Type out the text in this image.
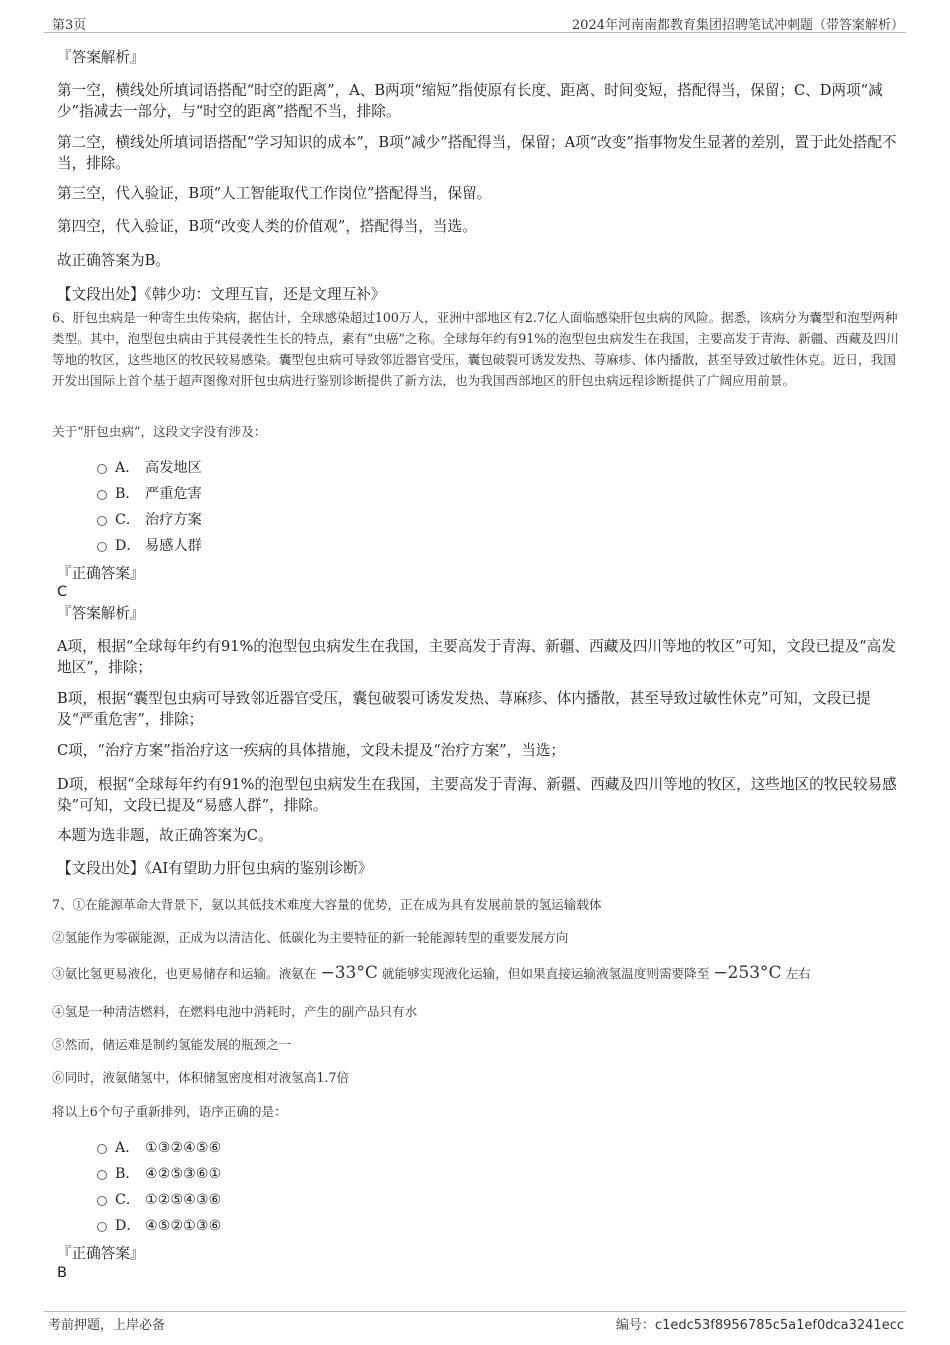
第3页	2024年河南南都教育集团招聘笔试冲刺题（带答案解析）
『答案解析』
第一空，横线处所填词语搭配“时空的距离”，A、B两项“缩短”指使原有长度、距离、时间变短，搭配得当，保留；C、D两项“减少”指减去一部分，与“时空的距离”搭配不当，排除。
第二空，横线处所填词语搭配“学习知识的成本”，B项“减少”搭配得当，保留；A项“改变”指事物发生显著的差别，置于此处搭配不当，排除。
第三空，代入验证，B项“人工智能取代工作岗位”搭配得当，保留。
第四空，代入验证，B项“改变人类的价值观”，搭配得当，当选。
故正确答案为B。
【文段出处】《韩少功：文理互盲，还是文理互补》
6、肝包虫病是一种寄生虫传染病，据估计，全球感染超过100万人，亚洲中部地区有2.7亿人面临感染肝包虫病的风险。据悉，该病分为囊型和泡型两种类型。其中，泡型包虫病由于其侵袭性生长的特点，素有“虫癌”之称。全球每年约有91%的泡型包虫病发生在我国，主要高发于青海、新疆、西藏及四川等地的牧区，这些地区的牧民较易感染。囊型包虫病可导致邻近器官受压，囊包破裂可诱发发热、荨麻疹、体内播散，甚至导致过敏性休克。近日，我国开发出国际上首个基于超声图像对肝包虫病进行鉴别诊断提供了新方法，也为我国西部地区的肝包虫病远程诊断提供了广阔应用前景。
关于“肝包虫病”，这段文字没有涉及：
A． 高发地区
B． 严重危害
C． 治疗方案
D． 易感人群
『正确答案』
C
『答案解析』
A项，根据“全球每年约有91%的泡型包虫病发生在我国，主要高发于青海、新疆、西藏及四川等地的牧区”可知，文段已提及“高发地区”，排除；
B项，根据“囊型包虫病可导致邻近器官受压，囊包破裂可诱发发热、荨麻疹、体内播散，甚至导致过敏性休克”可知，文段已提及“严重危害”，排除；
C项，“治疗方案”指治疗这一疾病的具体措施，文段未提及“治疗方案”，当选；
D项，根据“全球每年约有91%的泡型包虫病发生在我国，主要高发于青海、新疆、西藏及四川等地的牧区，这些地区的牧民较易感染”可知，文段已提及“易感人群”，排除。
本题为选非题，故正确答案为C。
【文段出处】《AI有望助力肝包虫病的鉴别诊断》
7、①在能源革命大背景下，氨以其低技术难度大容量的优势，正在成为具有发展前景的氢运输载体
②氢能作为零碳能源，正成为以清洁化、低碳化为主要特征的新一轮能源转型的重要发展方向
③氨比氢更易液化，也更易储存和运输。液氨在 −33°C 就能够实现液化运输，但如果直接运输液氢温度则需要降至 −253°C 左右
④氢是一种清洁燃料，在燃料电池中消耗时，产生的副产品只有水
⑤然而，储运难是制约氢能发展的瓶颈之一
⑥同时，液氨储氢中，体积储氢密度相对液氢高1.7倍
将以上6个句子重新排列，语序正确的是：
A． ①③②④⑤⑥
B． ④②⑤③⑥①
C． ①②⑤④③⑥
D． ④⑤②①③⑥
『正确答案』
B
考前押题，上岸必备	编号：c1edc53f8956785c5a1ef0dca3241ecc
